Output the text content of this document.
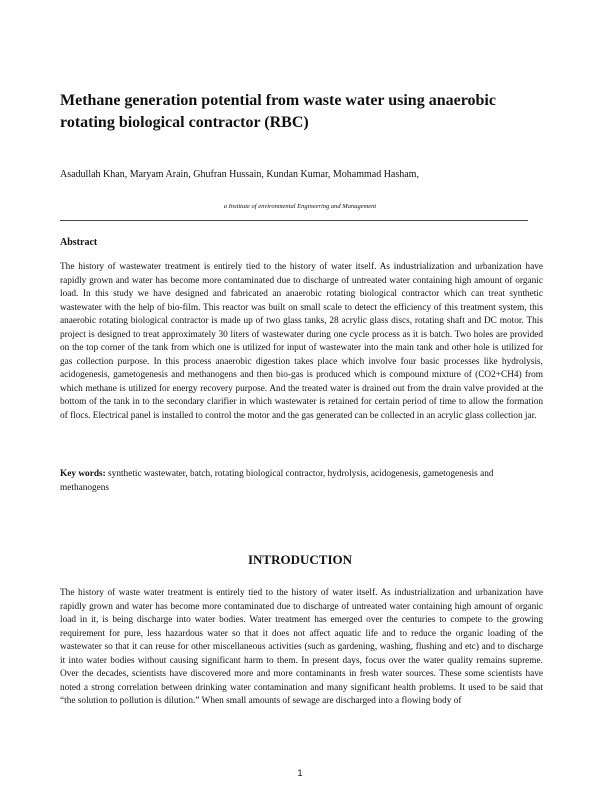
Methane generation potential from waste water using anaerobic rotating biological contractor (RBC)
Asadullah Khan, Maryam Arain, Ghufran Hussain, Kundan Kumar, Mohammad Hasham,
a Institute of environmental Engineering and Management
Abstract
The history of wastewater treatment is entirely tied to the history of water itself. As industrialization and urbanization have rapidly grown and water has become more contaminated due to discharge of untreated water containing high amount of organic load. In this study we have designed and fabricated an anaerobic rotating biological contractor which can treat synthetic wastewater with the help of bio-film. This reactor was built on small scale to detect the efficiency of this treatment system, this anaerobic rotating biological contractor is made up of two glass tanks, 28 acrylic glass discs, rotating shaft and DC motor. This project is designed to treat approximately 30 liters of wastewater during one cycle process as it is batch. Two holes are provided on the top corner of the tank from which one is utilized for input of wastewater into the main tank and other hole is utilized for gas collection purpose. In this process anaerobic digestion takes place which involve four basic processes like hydrolysis, acidogenesis, gametogenesis and methanogens and then bio-gas is produced which is compound mixture of (CO2+CH4) from which methane is utilized for energy recovery purpose. And the treated water is drained out from the drain valve provided at the bottom of the tank in to the secondary clarifier in which wastewater is retained for certain period of time to allow the formation of flocs. Electrical panel is installed to control the motor and the gas generated can be collected in an acrylic glass collection jar.
Key words: synthetic wastewater, batch, rotating biological contractor, hydrolysis, acidogenesis, gametogenesis and methanogens
INTRODUCTION
The history of waste water treatment is entirely tied to the history of water itself. As industrialization and urbanization have rapidly grown and water has become more contaminated due to discharge of untreated water containing high amount of organic load in it, is being discharge into water bodies. Water treatment has emerged over the centuries to compete to the growing requirement for pure, less hazardous water so that it does not affect aquatic life and to reduce the organic loading of the wastewater so that it can reuse for other miscellaneous activities (such as gardening, washing, flushing and etc) and to discharge it into water bodies without causing significant harm to them. In present days, focus over the water quality remains supreme. Over the decades, scientists have discovered more and more contaminants in fresh water sources. These some scientists have noted a strong correlation between drinking water contamination and many significant health problems. It used to be said that “the solution to pollution is dilution.” When small amounts of sewage are discharged into a flowing body of
1
